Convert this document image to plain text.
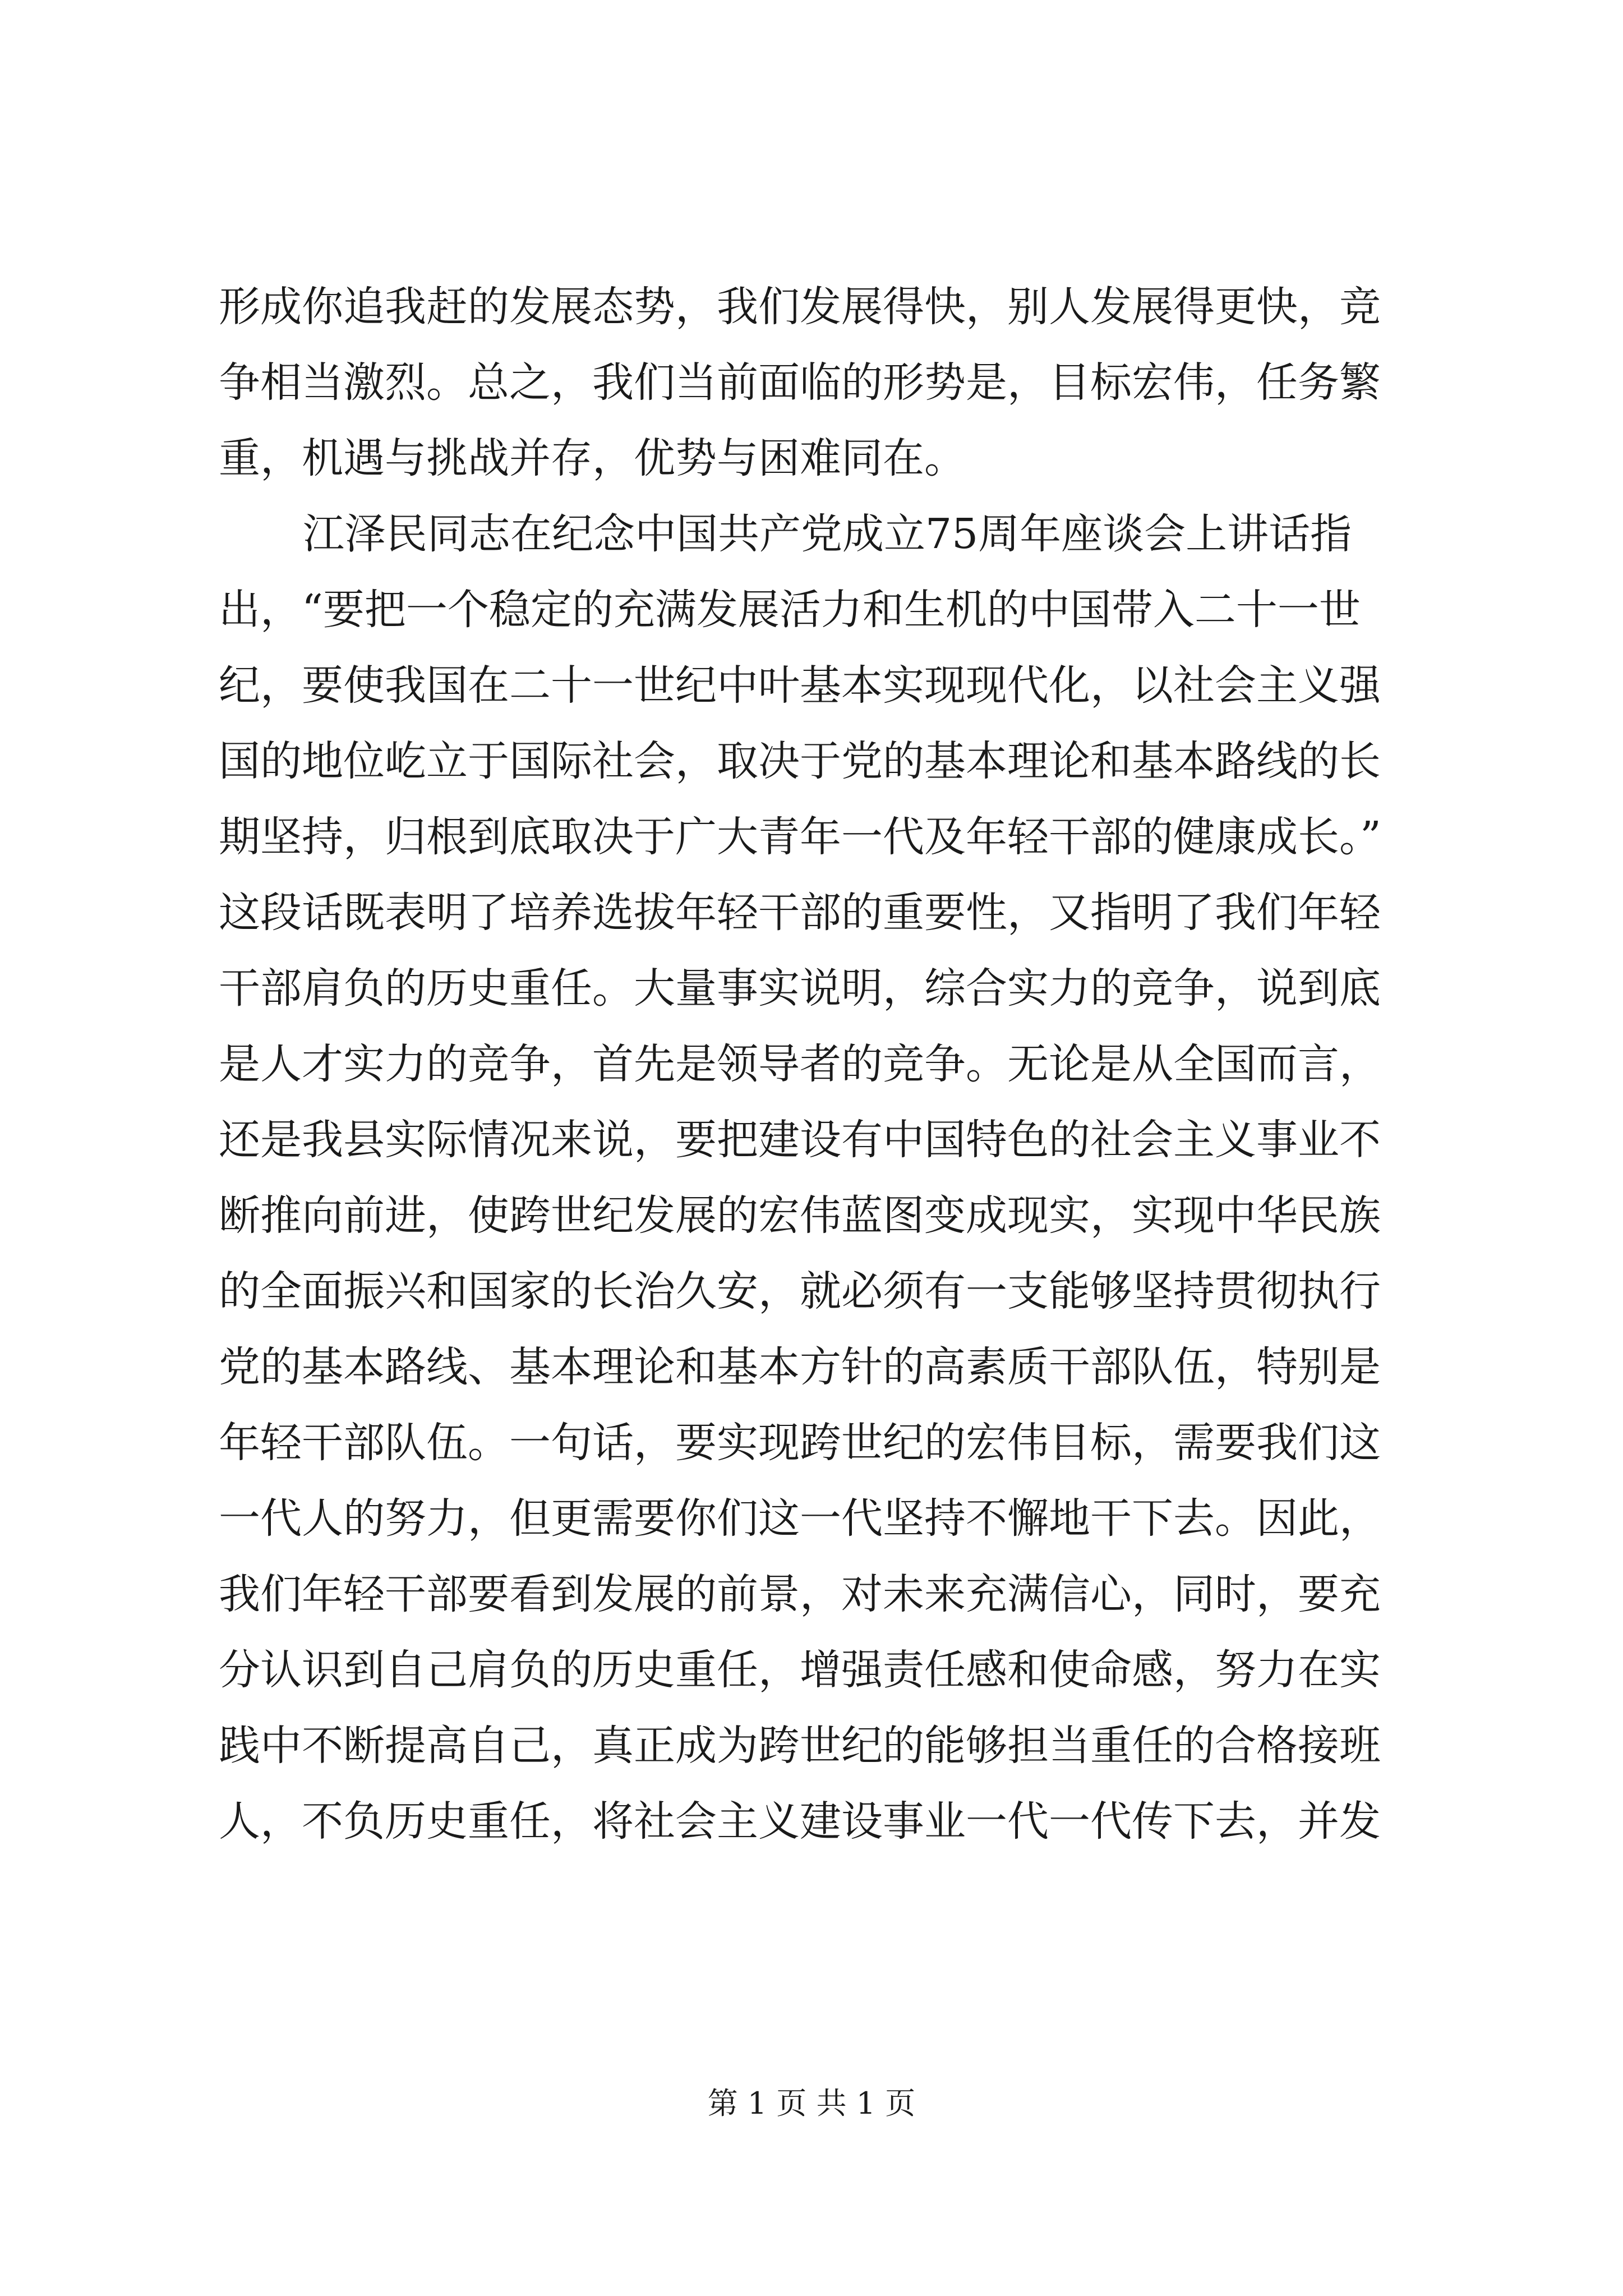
形成你追我赶的发展态势，我们发展得快，别人发展得更快，竞
争相当激烈。总之，我们当前面临的形势是，目标宏伟，任务繁
重，机遇与挑战并存，优势与困难同在。
江泽民同志在纪念中国共产党成立75周年座谈会上讲话指
出，“要把一个稳定的充满发展活力和生机的中国带入二十一世
纪，要使我国在二十一世纪中叶基本实现现代化，以社会主义强
国的地位屹立于国际社会，取决于党的基本理论和基本路线的长
期坚持，归根到底取决于广大青年一代及年轻干部的健康成长。”
这段话既表明了培养选拔年轻干部的重要性，又指明了我们年轻
干部肩负的历史重任。大量事实说明，综合实力的竞争，说到底
是人才实力的竞争，首先是领导者的竞争。无论是从全国而言，
还是我县实际情况来说，要把建设有中国特色的社会主义事业不
断推向前进，使跨世纪发展的宏伟蓝图变成现实，实现中华民族
的全面振兴和国家的长治久安，就必须有一支能够坚持贯彻执行
党的基本路线、基本理论和基本方针的高素质干部队伍，特别是
年轻干部队伍。一句话，要实现跨世纪的宏伟目标，需要我们这
一代人的努力，但更需要你们这一代坚持不懈地干下去。因此，
我们年轻干部要看到发展的前景，对未来充满信心，同时，要充
分认识到自己肩负的历史重任，增强责任感和使命感，努力在实
践中不断提高自己，真正成为跨世纪的能够担当重任的合格接班
人，不负历史重任，将社会主义建设事业一代一代传下去，并发
第 1 页 共 1 页
